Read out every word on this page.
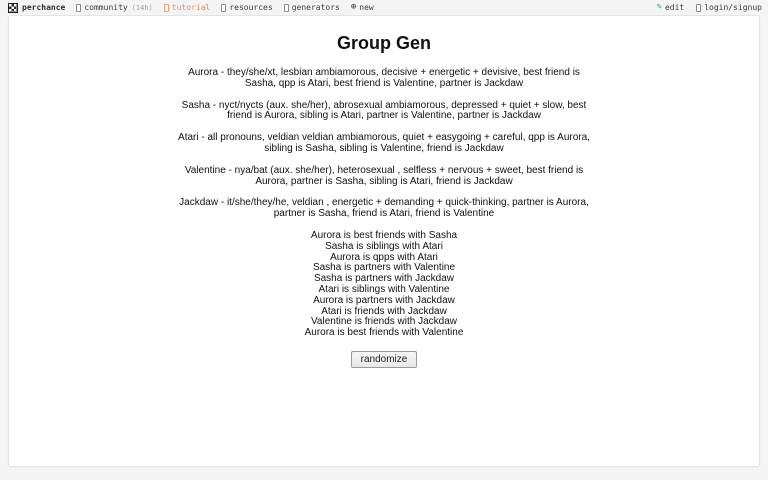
perchance community (14h) tutorial resources generators ⊕ new	✎ edit	login/signup
Group Gen

Aurora - they/she/xt, lesbian ambiamorous, decisive + energetic + devisive, best friend is Sasha, qpp is Atari, best friend is Valentine, partner is Jackdaw

Sasha - nyct/nycts (aux. she/her), abrosexual ambiamorous, depressed + quiet + slow, best friend is Aurora, sibling is Atari, partner is Valentine, partner is Jackdaw

Atari - all pronouns, veldian veldian ambiamorous, quiet + easygoing + careful, qpp is Aurora, sibling is Sasha, sibling is Valentine, friend is Jackdaw

Valentine - nya/bat (aux. she/her), heterosexual , selfless + nervous + sweet, best friend is Aurora, partner is Sasha, sibling is Atari, friend is Jackdaw

Jackdaw - it/she/they/he, veldian , energetic + demanding + quick-thinking, partner is Aurora, partner is Sasha, friend is Atari, friend is Valentine

Aurora is best friends with Sasha
Sasha is siblings with Atari
Aurora is qpps with Atari
Sasha is partners with Valentine
Sasha is partners with Jackdaw
Atari is siblings with Valentine
Aurora is partners with Jackdaw
Atari is friends with Jackdaw
Valentine is friends with Jackdaw
Aurora is best friends with Valentine
randomize
